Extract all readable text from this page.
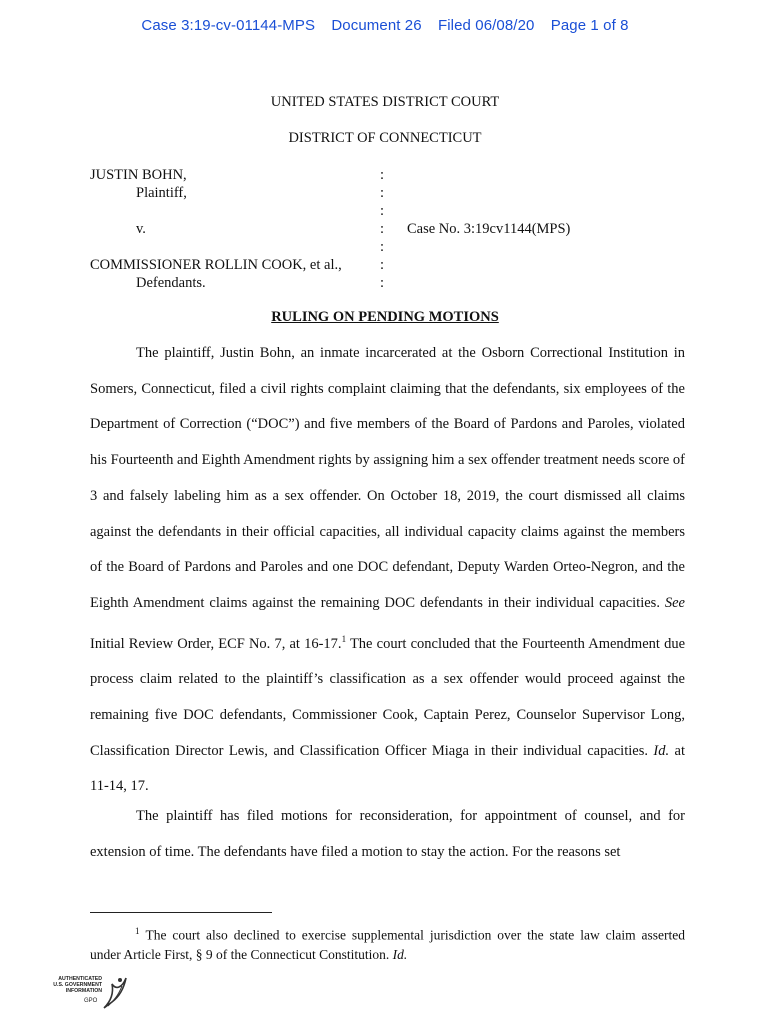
Case 3:19-cv-01144-MPS Document 26 Filed 06/08/20 Page 1 of 8
UNITED STATES DISTRICT COURT
DISTRICT OF CONNECTICUT
JUSTIN BOHN,
Plaintiff,
v.
COMMISSIONER ROLLIN COOK, et al.,
Defendants.
:
:
:
:
:
:
:
Case No. 3:19cv1144(MPS)
RULING ON PENDING MOTIONS

The plaintiff, Justin Bohn, an inmate incarcerated at the Osborn Correctional Institution in Somers, Connecticut, filed a civil rights complaint claiming that the defendants, six employees of the Department of Correction (“DOC”) and five members of the Board of Pardons and Paroles, violated his Fourteenth and Eighth Amendment rights by assigning him a sex offender treatment needs score of 3 and falsely labeling him as a sex offender. On October 18, 2019, the court dismissed all claims against the defendants in their official capacities, all individual capacity claims against the members of the Board of Pardons and Paroles and one DOC defendant, Deputy Warden Orteo-Negron, and the Eighth Amendment claims against the remaining DOC defendants in their individual capacities. See Initial Review Order, ECF No. 7, at 16-17.$^1$ The court concluded that the Fourteenth Amendment due process claim related to the plaintiff’s classification as a sex offender would proceed against the remaining five DOC defendants, Commissioner Cook, Captain Perez, Counselor Supervisor Long, Classification Director Lewis, and Classification Officer Miaga in their individual capacities. Id. at 11-14, 17.

The plaintiff has filed motions for reconsideration, for appointment of counsel, and for extension of time. The defendants have filed a motion to stay the action. For the reasons set

$^1$ The court also declined to exercise supplemental jurisdiction over the state law claim asserted under Article First, § 9 of the Connecticut Constitution. Id.
AUTHENTICATED
U.S. GOVERNMENT
INFORMATION
GPO
